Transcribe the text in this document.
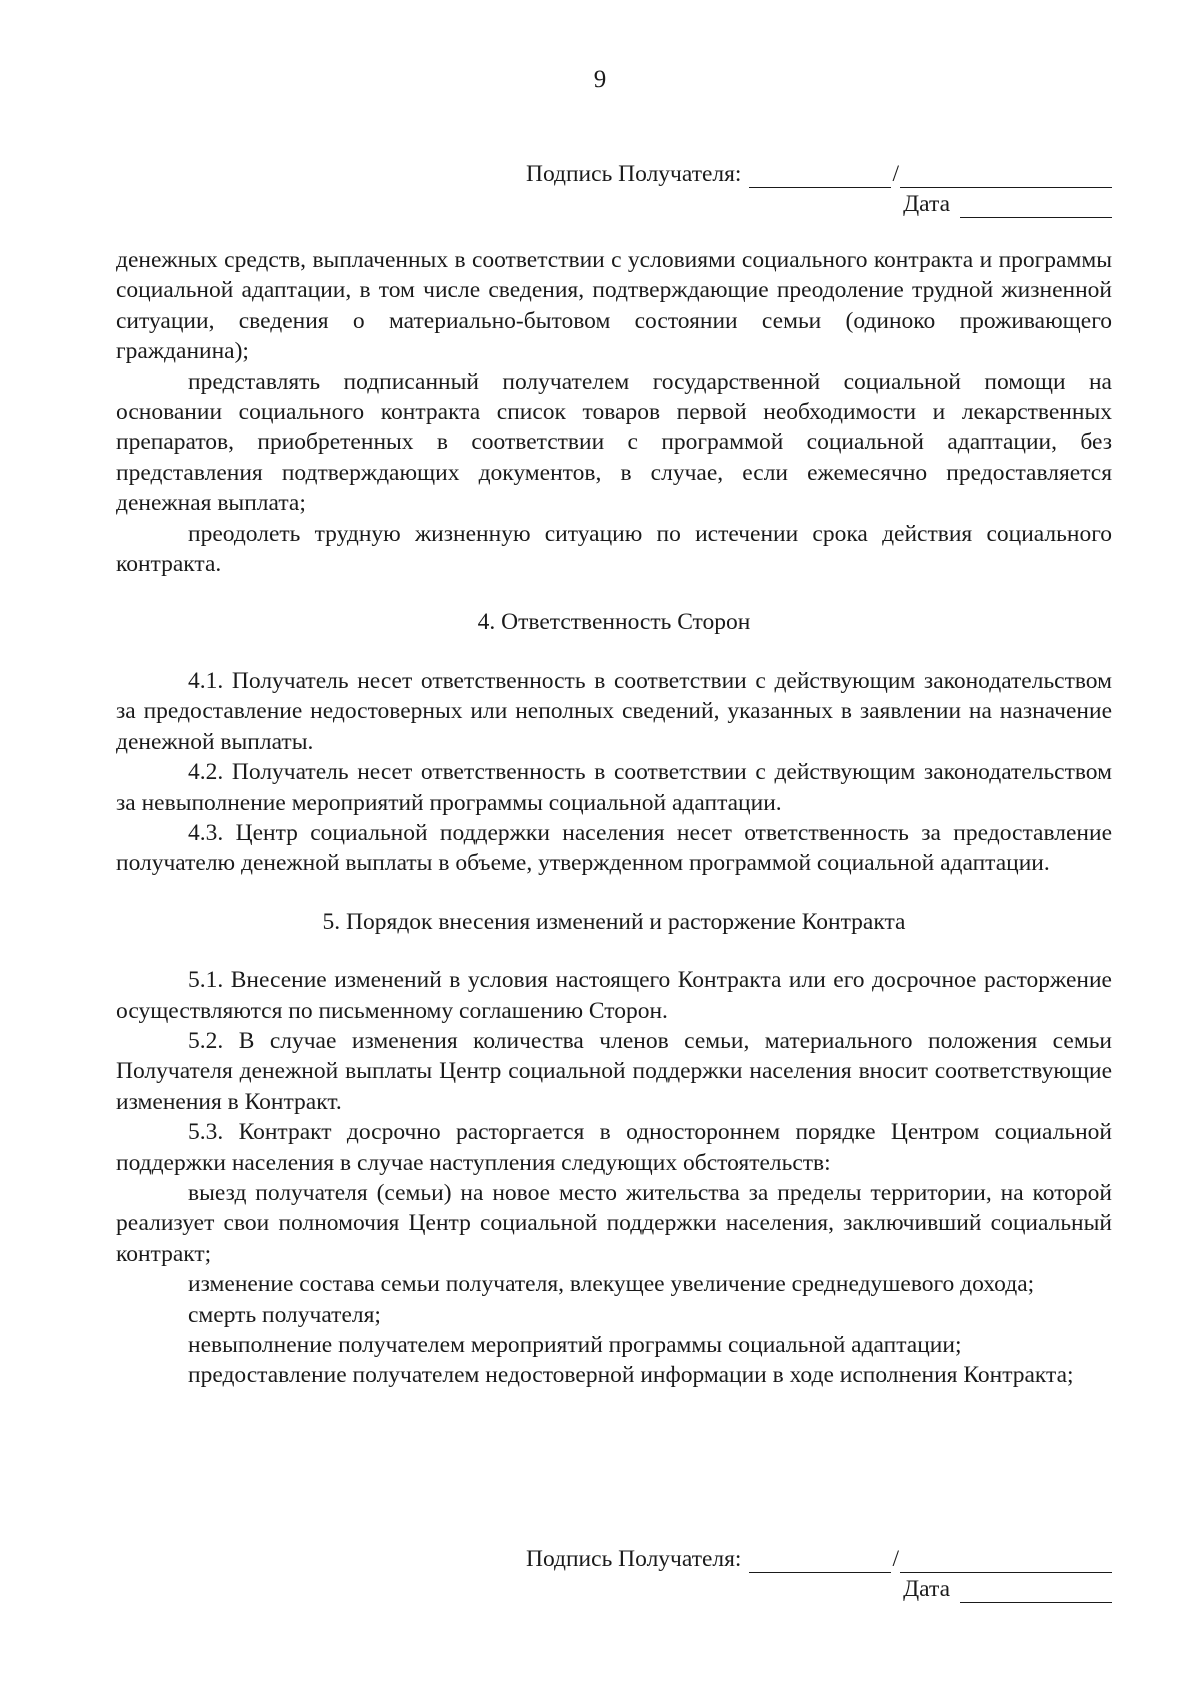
9
Подпись Получателя:	/
Дата

денежных средств, выплаченных в соответствии с условиями социального контракта и программы социальной адаптации, в том числе сведения, подтверждающие преодоление трудной жизненной ситуации, сведения о материально-бытовом состоянии семьи (одиноко проживающего гражданина);

представлять подписанный получателем государственной социальной помощи на основании социального контракта список товаров первой необходимости и лекарственных препаратов, приобретенных в соответствии с программой социальной адаптации, без представления подтверждающих документов, в случае, если ежемесячно предоставляется денежная выплата;

преодолеть трудную жизненную ситуацию по истечении срока действия социального контракта.

4. Ответственность Сторон

4.1. Получатель несет ответственность в соответствии с действующим законодательством за предоставление недостоверных или неполных сведений, указанных в заявлении на назначение денежной выплаты.

4.2. Получатель несет ответственность в соответствии с действующим законодательством за невыполнение мероприятий программы социальной адаптации.

4.3. Центр социальной поддержки населения несет ответственность за предоставление получателю денежной выплаты в объеме, утвержденном программой социальной адаптации.

5. Порядок внесения изменений и расторжение Контракта

5.1. Внесение изменений в условия настоящего Контракта или его досрочное расторжение осуществляются по письменному соглашению Сторон.

5.2. В случае изменения количества членов семьи, материального положения семьи Получателя денежной выплаты Центр социальной поддержки населения вносит соответствующие изменения в Контракт.

5.3. Контракт досрочно расторгается в одностороннем порядке Центром социальной поддержки населения в случае наступления следующих обстоятельств:

выезд получателя (семьи) на новое место жительства за пределы территории, на которой реализует свои полномочия Центр социальной поддержки населения, заключивший социальный контракт;

изменение состава семьи получателя, влекущее увеличение среднедушевого дохода;

смерть получателя;

невыполнение получателем мероприятий программы социальной адаптации;

предоставление получателем недостоверной информации в ходе исполнения Контракта;

Подпись Получателя:	/
Дата
